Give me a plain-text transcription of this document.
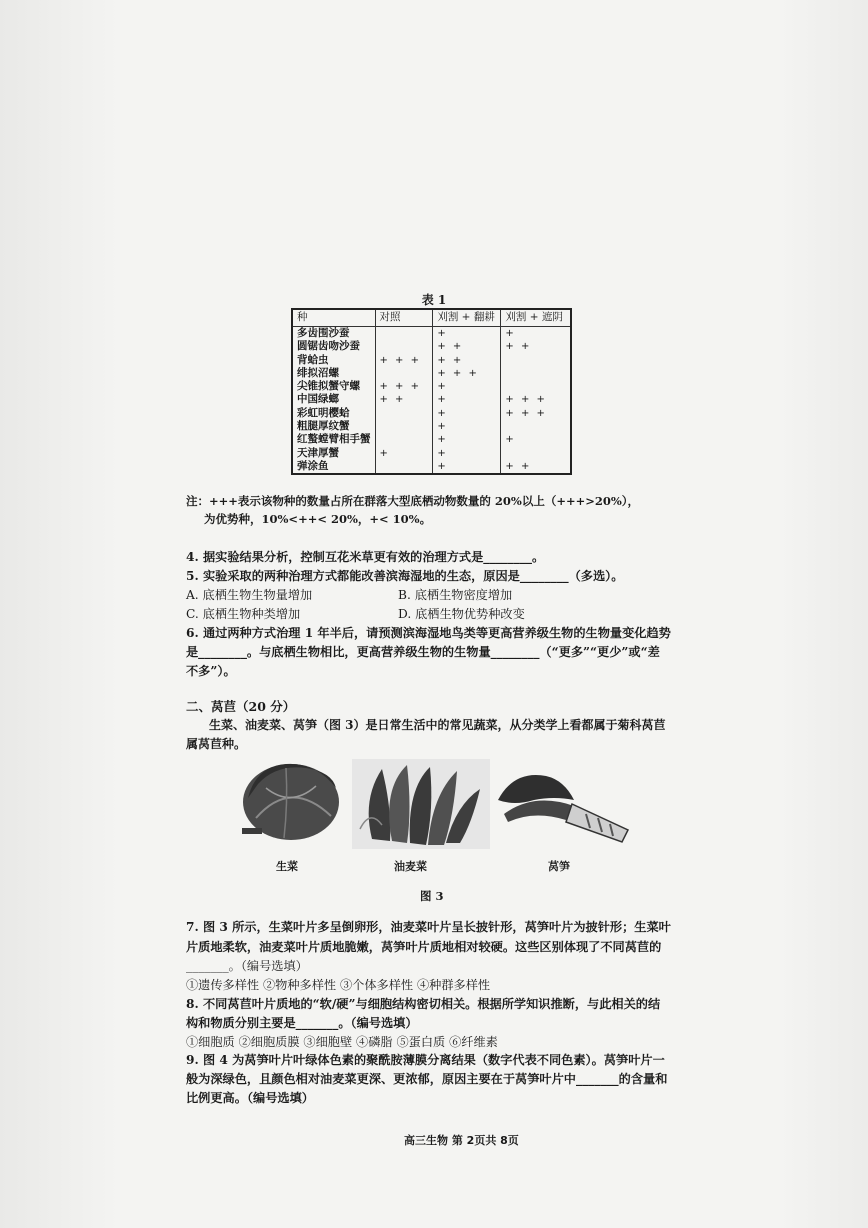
表 1
种	对照	刈割 + 翻耕	刈割 + 遮阴
多齿围沙蚕		+	+
圆锯齿吻沙蚕		+ +	+ +
背蛤虫	+ + +	+ +	
绯拟沼螺		+ + +	
尖锥拟蟹守螺	+ + +	+	
中国绿螂	+ +	+	+ + +
彩虹明樱蛤		+	+ + +
粗腿厚纹蟹		+	
红螯螳臂相手蟹		+	+
天津厚蟹	+	+	
弹涂鱼		+	+ +
注：+++表示该物种的数量占所在群落大型底栖动物数量的 20%以上（+++>20%），
为优势种，10%<++< 20%，+< 10%。
4. 据实验结果分析，控制互花米草更有效的治理方式是________。
5. 实验采取的两种治理方式都能改善滨海湿地的生态，原因是________（多选）。
A. 底栖生物生物量增加	B. 底栖生物密度增加
C. 底栖生物种类增加	D. 底栖生物优势种改变
6. 通过两种方式治理 1 年半后，请预测滨海湿地鸟类等更高营养级生物的生物量变化趋势
是________。与底栖生物相比，更高营养级生物的生物量________（“更多”“更少”或“差
不多”）。
二、莴苣（20 分）
生菜、油麦菜、莴笋（图 3）是日常生活中的常见蔬菜，从分类学上看都属于菊科莴苣
属莴苣种。
生菜	油麦菜	莴笋
图 3
7. 图 3 所示，生菜叶片多呈倒卵形，油麦菜叶片呈长披针形，莴笋叶片为披针形；生菜叶
片质地柔软，油麦菜叶片质地脆嫩，莴笋叶片质地相对较硬。这些区别体现了不同莴苣的
_______。（编号选填）
①遗传多样性 ②物种多样性 ③个体多样性 ④种群多样性
8. 不同莴苣叶片质地的“软/硬”与细胞结构密切相关。根据所学知识推断，与此相关的结
构和物质分别主要是_______。（编号选填）
①细胞质 ②细胞质膜 ③细胞壁 ④磷脂 ⑤蛋白质 ⑥纤维素
9. 图 4 为莴笋叶片叶绿体色素的聚酰胺薄膜分离结果（数字代表不同色素）。莴笋叶片一
般为深绿色，且颜色相对油麦菜更深、更浓郁，原因主要在于莴笋叶片中_______的含量和
比例更高。（编号选填）
高三生物 第 2页共 8页
